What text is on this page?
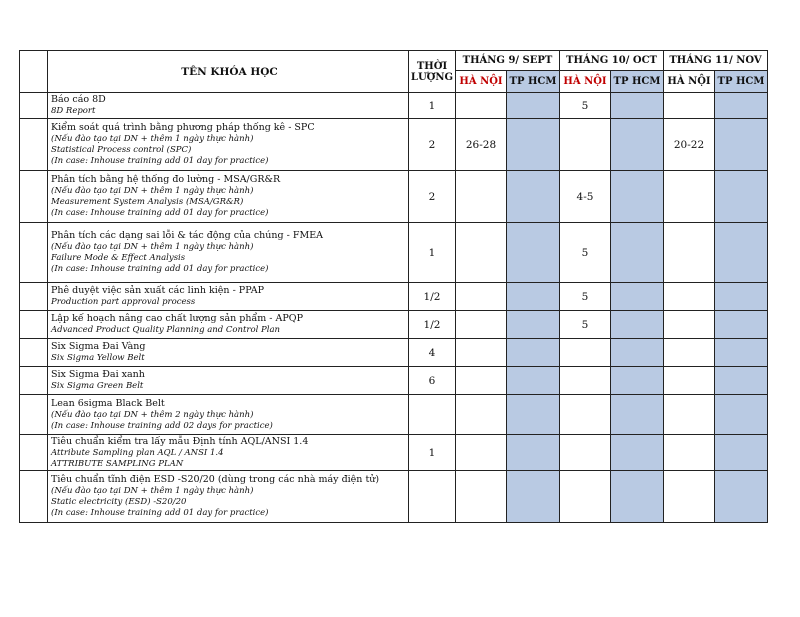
	TÊN KHÓA HỌC	THỜI LƯỢNG	THÁNG 9/ SEPT		THÁNG 10/ OCT		THÁNG 11/ NOV	
			HÀ NỘI	TP HCM	HÀ NỘI	TP HCM	HÀ NỘI	TP HCM

	Báo cáo 8D
8D Report	1			5			

	Kiểm soát quá trình bằng phương pháp thống kê - SPC
(Nếu đào tạo tại DN + thêm 1 ngày thực hành)
Statistical Process control (SPC)
(In case: Inhouse training add 01 day for practice)	2	26-28				20-22	

	Phân tích bằng hệ thống đo lường - MSA/GR&R
(Nếu đào tạo tại DN + thêm 1 ngày thực hành)
Measurement System Analysis (MSA/GR&R)
(In case: Inhouse training add 01 day for practice)	2			4-5			

	Phân tích các dạng sai lỗi & tác động của chúng - FMEA
(Nếu đào tạo tại DN + thêm 1 ngày thực hành)
Failure Mode & Effect Analysis
(In case: Inhouse training add 01 day for practice)	1			5			

	Phê duyệt việc sản xuất các linh kiện - PPAP
Production part approval process	1/2			5			

	Lập kế hoạch nâng cao chất lượng sản phẩm - APQP
Advanced Product Quality Planning and Control Plan	1/2			5			

	Six Sigma Đai Vàng
Six Sigma Yellow Belt	4						

	Six Sigma Đai xanh
Six Sigma Green Belt	6						

	Lean 6sigma Black Belt
(Nếu đào tạo tại DN + thêm 2 ngày thực hành)
(In case: Inhouse training add 02 days for practice)							

	Tiêu chuẩn kiểm tra lấy mẫu Định tính AQL/ANSI 1.4
Attribute Sampling plan AQL / ANSI 1.4
ATTRIBUTE SAMPLING PLAN	1						

	Tiêu chuẩn tĩnh điện ESD -S20/20 (dùng trong các nhà máy điện tử)
(Nếu đào tạo tại DN + thêm 1 ngày thực hành)
Static electricity (ESD) -S20/20
(In case: Inhouse training add 01 day for practice)							
